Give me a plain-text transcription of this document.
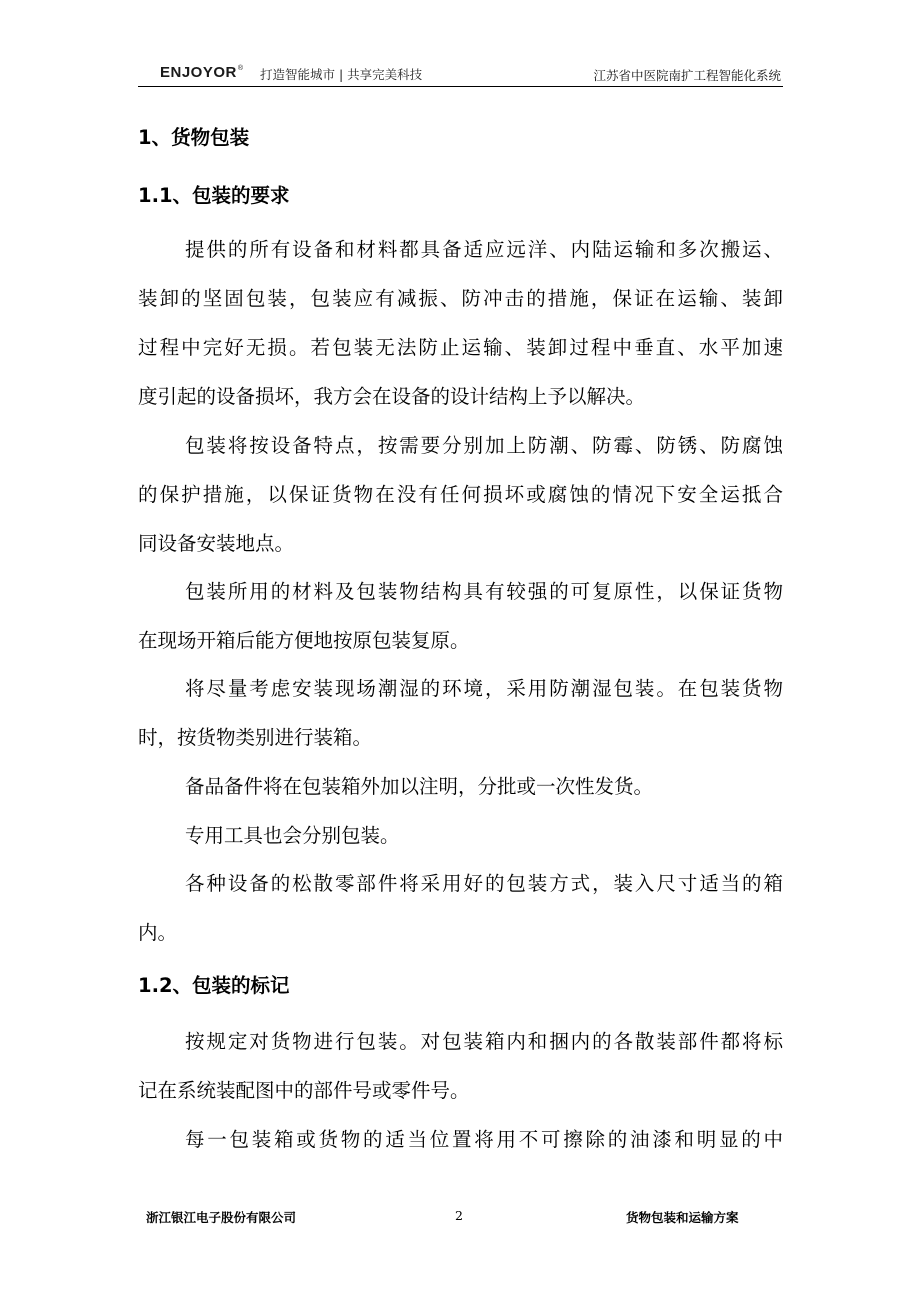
ENJOYOR® 打造智能城市 | 共享完美科技	江苏省中医院南扩工程智能化系统
1、货物包装
1.1、包装的要求
提供的所有设备和材料都具备适应远洋、内陆运输和多次搬运、
装卸的坚固包装，包装应有减振、防冲击的措施，保证在运输、装卸
过程中完好无损。若包装无法防止运输、装卸过程中垂直、水平加速
度引起的设备损坏，我方会在设备的设计结构上予以解决。
包装将按设备特点，按需要分别加上防潮、防霉、防锈、防腐蚀
的保护措施，以保证货物在没有任何损坏或腐蚀的情况下安全运抵合
同设备安装地点。
包装所用的材料及包装物结构具有较强的可复原性，以保证货物
在现场开箱后能方便地按原包装复原。
将尽量考虑安装现场潮湿的环境，采用防潮湿包装。在包装货物
时，按货物类别进行装箱。
备品备件将在包装箱外加以注明，分批或一次性发货。
专用工具也会分别包装。
各种设备的松散零部件将采用好的包装方式，装入尺寸适当的箱
内。
1.2、包装的标记
按规定对货物进行包装。对包装箱内和捆内的各散装部件都将标
记在系统装配图中的部件号或零件号。
每一包装箱或货物的适当位置将用不可擦除的油漆和明显的中
浙江银江电子股份有限公司	2	货物包装和运输方案
